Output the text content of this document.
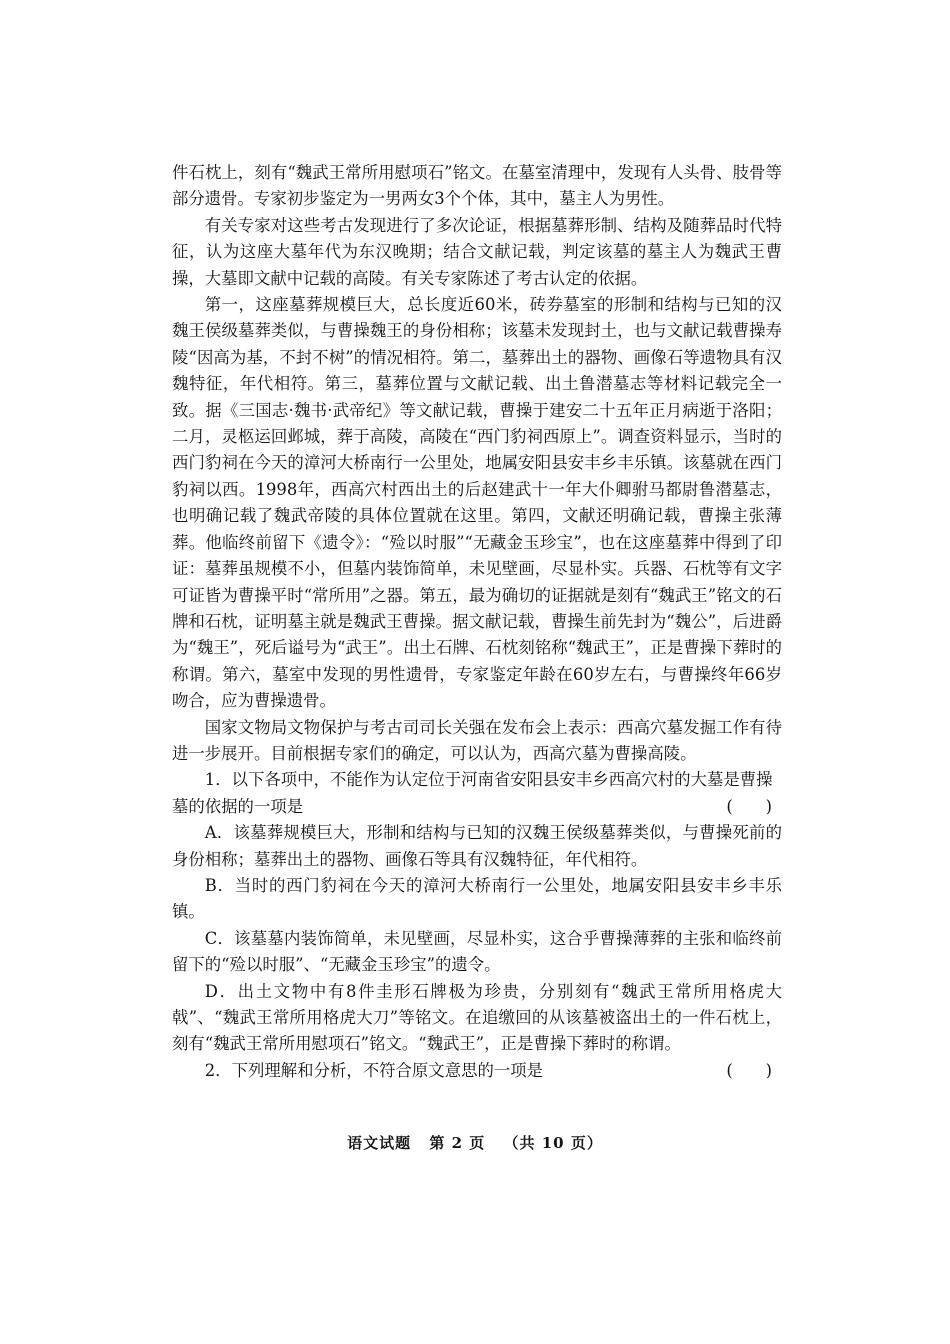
件石枕上，刻有“魏武王常所用慰项石”铭文。在墓室清理中，发现有人头骨、肢骨等部分遗骨。专家初步鉴定为一男两女3个个体，其中，墓主人为男性。

有关专家对这些考古发现进行了多次论证，根据墓葬形制、结构及随葬品时代特征，认为这座大墓年代为东汉晚期；结合文献记载，判定该墓的墓主人为魏武王曹操，大墓即文献中记载的高陵。有关专家陈述了考古认定的依据。

第一，这座墓葬规模巨大，总长度近60米，砖券墓室的形制和结构与已知的汉魏王侯级墓葬类似，与曹操魏王的身份相称；该墓未发现封土，也与文献记载曹操寿陵“因高为基，不封不树”的情况相符。第二，墓葬出土的器物、画像石等遗物具有汉魏特征，年代相符。第三，墓葬位置与文献记载、出土鲁潜墓志等材料记载完全一致。据《三国志·魏书·武帝纪》等文献记载，曹操于建安二十五年正月病逝于洛阳；二月，灵柩运回邺城，葬于高陵，高陵在“西门豹祠西原上”。调查资料显示，当时的西门豹祠在今天的漳河大桥南行一公里处，地属安阳县安丰乡丰乐镇。该墓就在西门豹祠以西。1998年，西高穴村西出土的后赵建武十一年大仆卿驸马都尉鲁潜墓志，也明确记载了魏武帝陵的具体位置就在这里。第四，文献还明确记载，曹操主张薄葬。他临终前留下《遗令》：“殓以时服”“无藏金玉珍宝”，也在这座墓葬中得到了印证：墓葬虽规模不小，但墓内装饰简单，未见壁画，尽显朴实。兵器、石枕等有文字可证皆为曹操平时“常所用”之器。第五，最为确切的证据就是刻有“魏武王”铭文的石牌和石枕，证明墓主就是魏武王曹操。据文献记载，曹操生前先封为“魏公”，后进爵为“魏王”，死后谥号为“武王”。出土石牌、石枕刻铭称“魏武王”，正是曹操下葬时的称谓。第六，墓室中发现的男性遗骨，专家鉴定年龄在60岁左右，与曹操终年66岁吻合，应为曹操遗骨。

国家文物局文物保护与考古司司长关强在发布会上表示：西高穴墓发掘工作有待进一步展开。目前根据专家们的确定，可以认为，西高穴墓为曹操高陵。

1．以下各项中，不能作为认定位于河南省安阳县安丰乡西高穴村的大墓是曹操

墓的依据的一项是	(　　)

A．该墓葬规模巨大，形制和结构与已知的汉魏王侯级墓葬类似，与曹操死前的身份相称；墓葬出土的器物、画像石等具有汉魏特征，年代相符。

B．当时的西门豹祠在今天的漳河大桥南行一公里处，地属安阳县安丰乡丰乐镇。

C．该墓墓内装饰简单，未见壁画，尽显朴实，这合乎曹操薄葬的主张和临终前留下的“殓以时服”、“无藏金玉珍宝”的遗令。

D．出土文物中有8件圭形石牌极为珍贵，分别刻有“魏武王常所用格虎大戟”、“魏武王常所用格虎大刀”等铭文。在追缴回的从该墓被盗出土的一件石枕上，刻有“魏武王常所用慰项石”铭文。“魏武王”，正是曹操下葬时的称谓。

2．下列理解和分析，不符合原文意思的一项是	(　　)
语文试题 第 2 页 （共 10 页）
